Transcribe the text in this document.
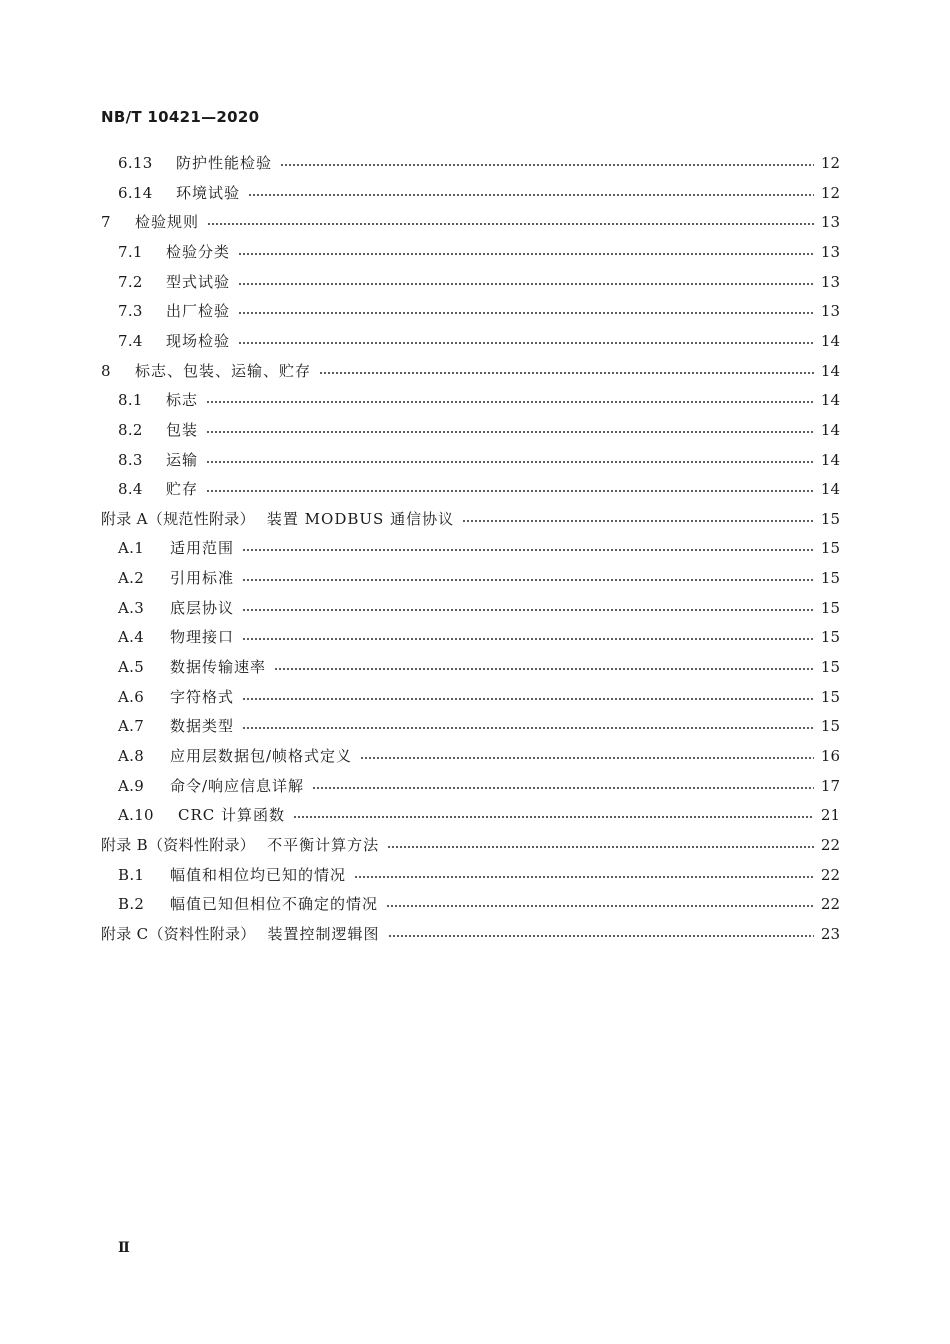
NB/T 10421—2020
6.13	防护性能检验	12
6.14	环境试验	12
7	检验规则	13
7.1	检验分类	13
7.2	型式试验	13
7.3	出厂检验	13
7.4	现场检验	14
8	标志、包装、运输、贮存	14
8.1	标志	14
8.2	包装	14
8.3	运输	14
8.4	贮存	14
附录 A（规范性附录） 装置 MODBUS 通信协议	15
A.1	适用范围	15
A.2	引用标准	15
A.3	底层协议	15
A.4	物理接口	15
A.5	数据传输速率	15
A.6	字符格式	15
A.7	数据类型	15
A.8	应用层数据包/帧格式定义	16
A.9	命令/响应信息详解	17
A.10	CRC 计算函数	21
附录 B（资料性附录） 不平衡计算方法	22
B.1	幅值和相位均已知的情况	22
B.2	幅值已知但相位不确定的情况	22
附录 C（资料性附录） 装置控制逻辑图	23
Ⅱ
